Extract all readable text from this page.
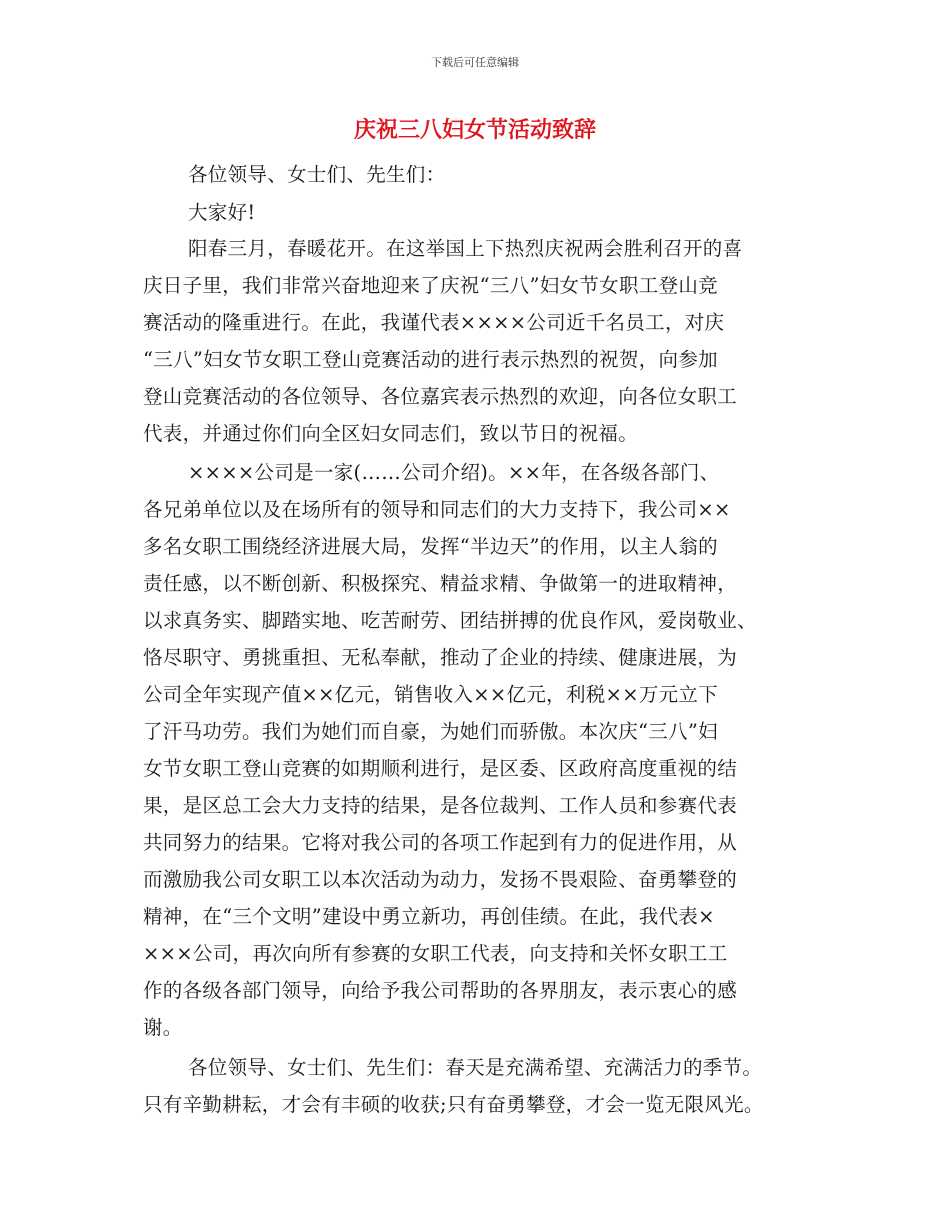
下载后可任意编辑
庆祝三八妇女节活动致辞
各位领导、女士们、先生们：
大家好!
阳春三月，春暖花开。在这举国上下热烈庆祝两会胜利召开的喜
庆日子里，我们非常兴奋地迎来了庆祝“三八”妇女节女职工登山竞
赛活动的隆重进行。在此，我谨代表××××公司近千名员工，对庆
“三八”妇女节女职工登山竞赛活动的进行表示热烈的祝贺，向参加
登山竞赛活动的各位领导、各位嘉宾表示热烈的欢迎，向各位女职工
代表，并通过你们向全区妇女同志们，致以节日的祝福。
××××公司是一家(……公司介绍)。××年，在各级各部门、
各兄弟单位以及在场所有的领导和同志们的大力支持下，我公司××
多名女职工围绕经济进展大局，发挥“半边天”的作用，以主人翁的
责任感，以不断创新、积极探究、精益求精、争做第一的进取精神，
以求真务实、脚踏实地、吃苦耐劳、团结拼搏的优良作风，爱岗敬业、
恪尽职守、勇挑重担、无私奉献，推动了企业的持续、健康进展，为
公司全年实现产值××亿元，销售收入××亿元，利税××万元立下
了汗马功劳。我们为她们而自豪，为她们而骄傲。本次庆“三八”妇
女节女职工登山竞赛的如期顺利进行，是区委、区政府高度重视的结
果，是区总工会大力支持的结果，是各位裁判、工作人员和参赛代表
共同努力的结果。它将对我公司的各项工作起到有力的促进作用，从
而激励我公司女职工以本次活动为动力，发扬不畏艰险、奋勇攀登的
精神，在“三个文明”建设中勇立新功，再创佳绩。在此，我代表×
×××公司，再次向所有参赛的女职工代表，向支持和关怀女职工工
作的各级各部门领导，向给予我公司帮助的各界朋友，表示衷心的感
谢。
各位领导、女士们、先生们：春天是充满希望、充满活力的季节。
只有辛勤耕耘，才会有丰硕的收获;只有奋勇攀登，才会一览无限风光。
